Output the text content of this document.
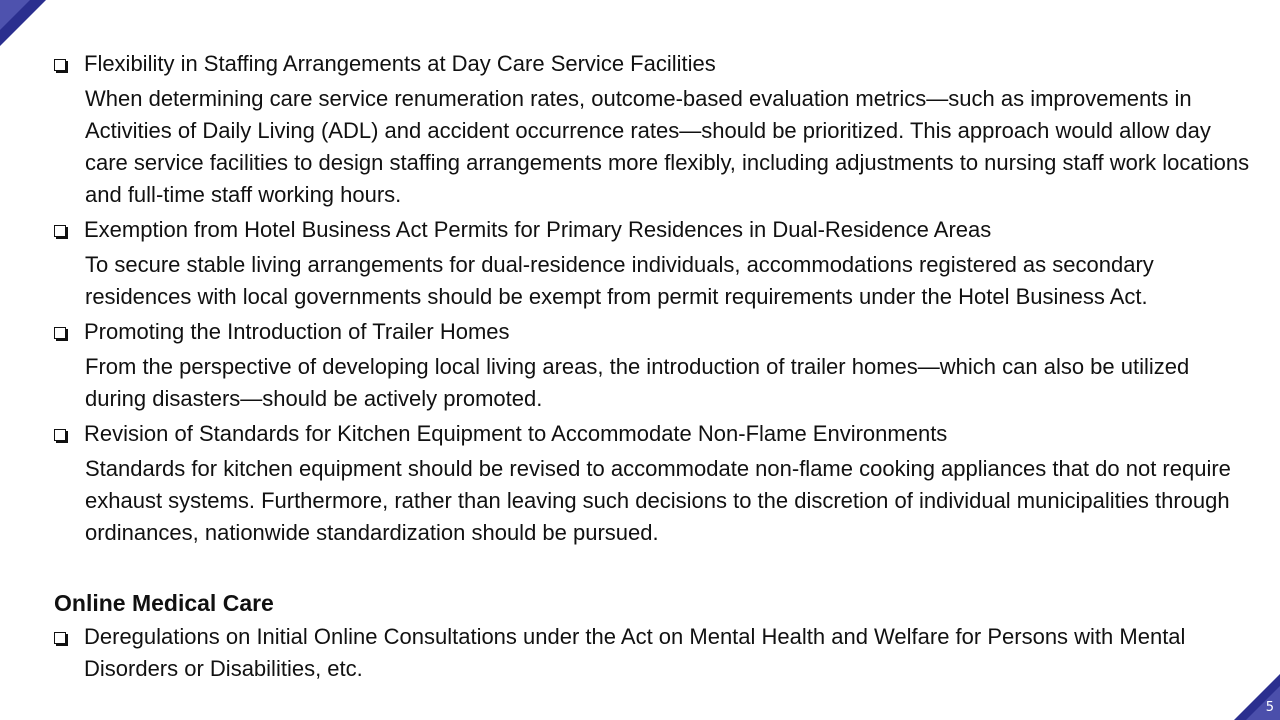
5
Flexibility in Staffing Arrangements at Day Care Service Facilities
When determining care service renumeration rates, outcome-based evaluation metrics—such as improvements in Activities of Daily Living (ADL) and accident occurrence rates—should be prioritized. This approach would allow day care service facilities to design staffing arrangements more flexibly, including adjustments to nursing staff work locations and full-time staff working hours.
Exemption from Hotel Business Act Permits for Primary Residences in Dual-Residence Areas
To secure stable living arrangements for dual-residence individuals, accommodations registered as secondary residences with local governments should be exempt from permit requirements under the Hotel Business Act.
Promoting the Introduction of Trailer Homes
From the perspective of developing local living areas, the introduction of trailer homes—which can also be utilized during disasters—should be actively promoted.
Revision of Standards for Kitchen Equipment to Accommodate Non-Flame Environments
Standards for kitchen equipment should be revised to accommodate non-flame cooking appliances that do not require exhaust systems. Furthermore, rather than leaving such decisions to the discretion of individual municipalities through ordinances, nationwide standardization should be pursued.
Online Medical Care
Deregulations on Initial Online Consultations under the Act on Mental Health and Welfare for Persons with Mental Disorders or Disabilities, etc.
